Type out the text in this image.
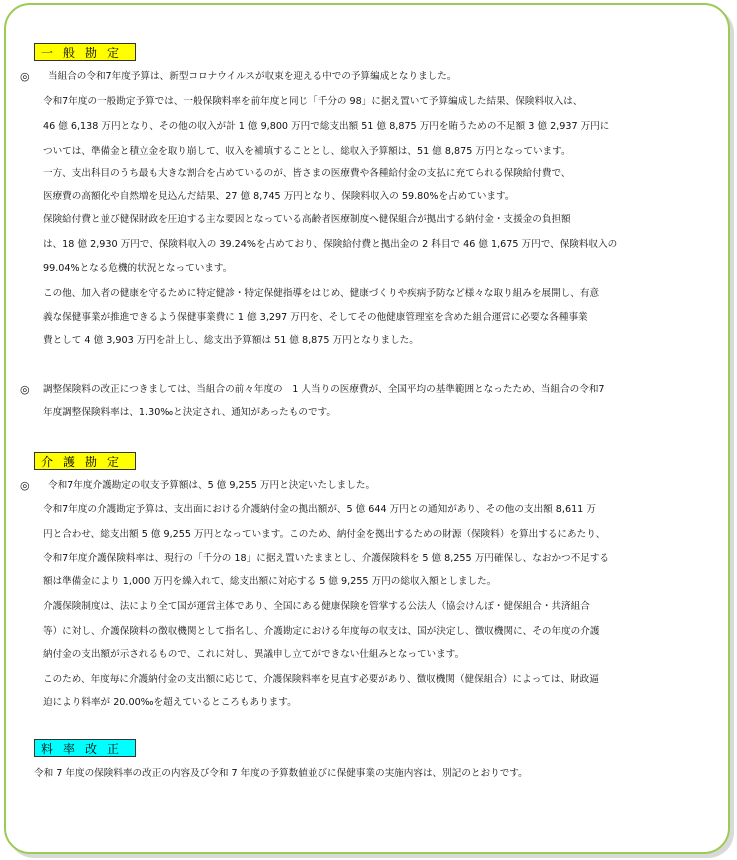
一般勘定
◎ 当組合の令和7年度予算は、新型コロナウイルスが収束を迎える中での予算編成となりました。
令和7年度の一般勘定予算では、一般保険料率を前年度と同じ「千分の 98」に据え置いて予算編成した結果、保険料収入は、
46 億 6,138 万円となり、その他の収入が計 1 億 9,800 万円で総支出額 51 億 8,875 万円を賄うための不足額 3 億 2,937 万円に
ついては、準備金と積立金を取り崩して、収入を補填することとし、総収入予算額は、51 億 8,875 万円となっています。
一方、支出科目のうち最も大きな割合を占めているのが、皆さまの医療費や各種給付金の支払に充てられる保険給付費で、
医療費の高額化や自然増を見込んだ結果、27 億 8,745 万円となり、保険料収入の 59.80%を占めています。
保険給付費と並び健保財政を圧迫する主な要因となっている高齢者医療制度へ健保組合が拠出する納付金・支援金の負担額
は、18 億 2,930 万円で、保険料収入の 39.24%を占めており、保険給付費と拠出金の 2 科目で 46 億 1,675 万円で、保険料収入の
99.04%となる危機的状況となっています。
この他、加入者の健康を守るために特定健診・特定保健指導をはじめ、健康づくりや疾病予防など様々な取り組みを展開し、有意
義な保健事業が推進できるよう保健事業費に 1 億 3,297 万円を、そしてその他健康管理室を含めた組合運営に必要な各種事業
費として 4 億 3,903 万円を計上し、総支出予算額は 51 億 8,875 万円となりました。
◎ 調整保険料の改正につきましては、当組合の前々年度の　1 人当りの医療費が、全国平均の基準範囲となったため、当組合の令和7
年度調整保険料率は、1.30‰と決定され、通知があったものです。
介護勘定
◎ 令和7年度介護勘定の収支予算額は、5 億 9,255 万円と決定いたしました。
令和7年度の介護勘定予算は、支出面における介護納付金の拠出額が、5 億 644 万円との通知があり、その他の支出額 8,611 万
円と合わせ、総支出額 5 億 9,255 万円となっています。このため、納付金を拠出するための財源（保険料）を算出するにあたり、
令和7年度介護保険料率は、現行の「千分の 18」に据え置いたままとし、介護保険料を 5 億 8,255 万円確保し、なおかつ不足する
額は準備金により 1,000 万円を繰入れて、総支出額に対応する 5 億 9,255 万円の総収入額としました。
介護保険制度は、法により全て国が運営主体であり、全国にある健康保険を管掌する公法人（協会けんぽ・健保組合・共済組合
等）に対し、介護保険料の徴収機関として指名し、介護勘定における年度毎の収支は、国が決定し、徴収機関に、その年度の介護
納付金の支出額が示されるもので、これに対し、異議申し立てができない仕組みとなっています。
このため、年度毎に介護納付金の支出額に応じて、介護保険料率を見直す必要があり、徴収機関（健保組合）によっては、財政逼
迫により料率が 20.00‰を超えているところもあります。
料率改正
令和 7 年度の保険料率の改正の内容及び令和 7 年度の予算数値並びに保健事業の実施内容は、別記のとおりです。
